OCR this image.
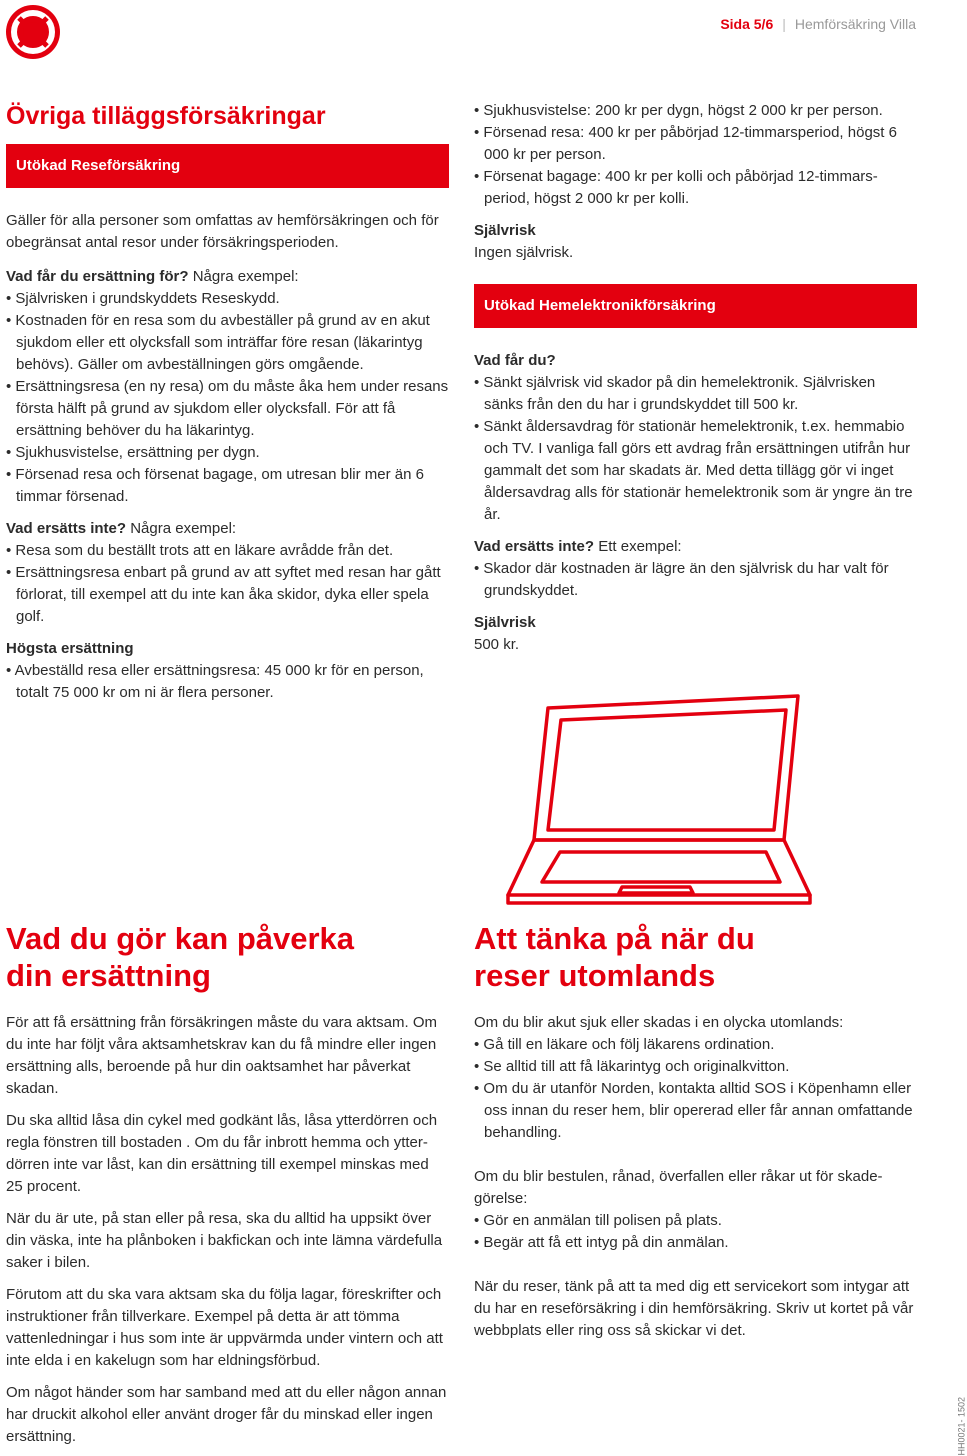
Sida 5/6 | Hemförsäkring Villa
Övriga tilläggsförsäkringar
Utökad Reseförsäkring

Gäller för alla personer som omfattas av hemförsäkringen och för obegränsat antal resor under försäkringsperioden.

Vad får du ersättning för? Några exempel:

• Självrisken i grundskyddets Reseskydd.

• Kostnaden för en resa som du avbeställer på grund av en akut sjukdom eller ett olycksfall som inträffar före resan (läkarintyg behövs). Gäller om avbeställningen görs omgående.

• Ersättningsresa (en ny resa) om du måste åka hem under resans första hälft på grund av sjukdom eller olycksfall. För att få ersättning behöver du ha läkarintyg.

• Sjukhusvistelse, ersättning per dygn.

• Försenad resa och försenat bagage, om utresan blir mer än 6 timmar försenad.

Vad ersätts inte? Några exempel:

• Resa som du beställt trots att en läkare avrådde från det.

• Ersättningsresa enbart på grund av att syftet med resan har gått förlorat, till exempel att du inte kan åka skidor, dyka eller spela golf.

Högsta ersättning

• Avbeställd resa eller ersättningsresa: 45 000 kr för en person, totalt 75 000 kr om ni är flera personer.

• Sjukhusvistelse: 200 kr per dygn, högst 2 000 kr per person.

• Försenad resa: 400 kr per påbörjad 12-timmarsperiod, högst 6 000 kr per person.

• Försenat bagage: 400 kr per kolli och påbörjad 12-timmarsperiod, högst 2 000 kr per kolli.

Självrisk

Ingen självrisk.

Utökad Hemelektronikförsäkring

Vad får du?

• Sänkt självrisk vid skador på din hemelektronik. Självrisken sänks från den du har i grundskyddet till 500 kr.

• Sänkt åldersavdrag för stationär hemelektronik, t.ex. hemmabio och TV. I vanliga fall görs ett avdrag från ersättningen utifrån hur gammalt det som har skadats är. Med detta tillägg gör vi inget åldersavdrag alls för stationär hemelektronik som är yngre än tre år.

Vad ersätts inte? Ett exempel:

• Skador där kostnaden är lägre än den självrisk du har valt för grundskyddet.

Självrisk

500 kr.

Vad du gör kan påverka
din ersättning

För att få ersättning från försäkringen måste du vara aktsam. Om du inte har följt våra aktsamhetskrav kan du få mindre eller ingen ersättning alls, beroende på hur din oaktsamhet har påverkat skadan.

Du ska alltid låsa din cykel med godkänt lås, låsa ytterdörren och regla fönstren till bostaden . Om du får inbrott hemma och ytterdörren inte var låst, kan din ersättning till exempel minskas med 25 procent.

När du är ute, på stan eller på resa, ska du alltid ha uppsikt över din väska, inte ha plånboken i bakfickan och inte lämna värdefulla saker i bilen.

Förutom att du ska vara aktsam ska du följa lagar, föreskrifter och instruktioner från tillverkare. Exempel på detta är att tömma vattenledningar i hus som inte är uppvärmda under vintern och att inte elda i en kakelugn som har eldningsförbud.

Om något händer som har samband med att du eller någon annan har druckit alkohol eller använt droger får du minskad eller ingen ersättning.

Att tänka på när du
reser utomlands

Om du blir akut sjuk eller skadas i en olycka utomlands:

• Gå till en läkare och följ läkarens ordination.

• Se alltid till att få läkarintyg och originalkvitton.

• Om du är utanför Norden, kontakta alltid SOS i Köpenhamn eller oss innan du reser hem, blir opererad eller får annan omfattande behandling.

Om du blir bestulen, rånad, överfallen eller råkar ut för skadegörelse:

• Gör en anmälan till polisen på plats.

• Begär att få ett intyg på din anmälan.

När du reser, tänk på att ta med dig ett servicekort som intygar att du har en reseförsäkring i din hemförsäkring. Skriv ut kortet på vår webbplats eller ring oss så skickar vi det.

HH0021- 1502
